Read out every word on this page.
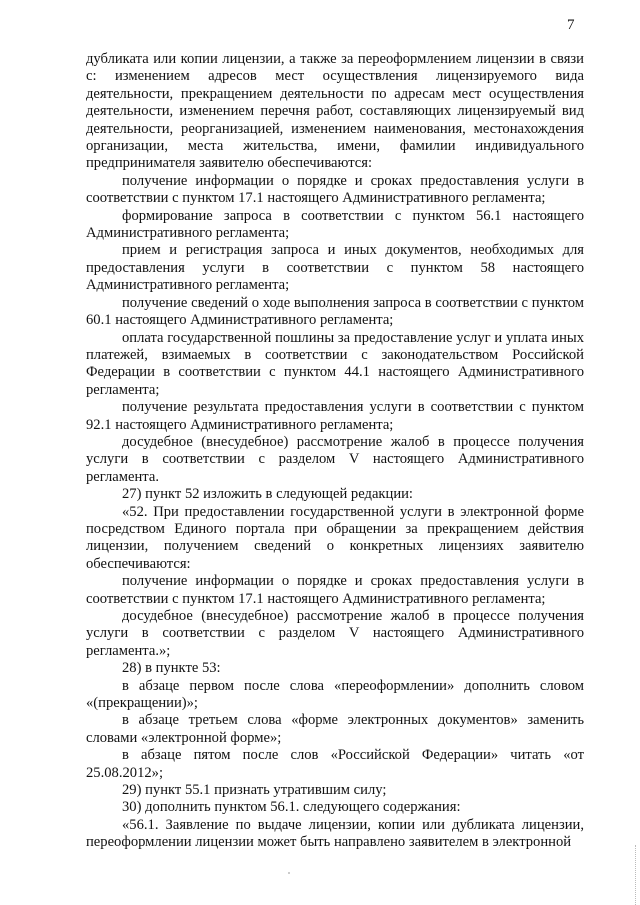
7

дубликата или копии лицензии, а также за переоформлением лицензии в связи с: изменением адресов мест осуществления лицензируемого вида деятельности, прекращением деятельности по адресам мест осуществления деятельности, изменением перечня работ, составляющих лицензируемый вид деятельности, реорганизацией, изменением наименования, местонахождения организации, места жительства, имени, фамилии индивидуального предпринимателя заявителю обеспечиваются:

получение информации о порядке и сроках предоставления услуги в соответствии с пунктом 17.1 настоящего Административного регламента;

формирование запроса в соответствии с пунктом 56.1 настоящего Административного регламента;

прием и регистрация запроса и иных документов, необходимых для предоставления услуги в соответствии с пунктом 58 настоящего Административного регламента;

получение сведений о ходе выполнения запроса в соответствии с пунктом 60.1 настоящего Административного регламента;

оплата государственной пошлины за предоставление услуг и уплата иных платежей, взимаемых в соответствии с законодательством Российской Федерации в соответствии с пунктом 44.1 настоящего Административного регламента;

получение результата предоставления услуги в соответствии с пунктом 92.1 настоящего Административного регламента;

досудебное (внесудебное) рассмотрение жалоб в процессе получения услуги в соответствии с разделом V настоящего Административного регламента.

27) пункт 52 изложить в следующей редакции:

«52. При предоставлении государственной услуги в электронной форме посредством Единого портала при обращении за прекращением действия лицензии, получением сведений о конкретных лицензиях заявителю обеспечиваются:

получение информации о порядке и сроках предоставления услуги в соответствии с пунктом 17.1 настоящего Административного регламента;

досудебное (внесудебное) рассмотрение жалоб в процессе получения услуги в соответствии с разделом V настоящего Административного регламента.»;

28) в пункте 53:

в абзаце первом после слова «переоформлении» дополнить словом «(прекращении)»;

в абзаце третьем слова «форме электронных документов» заменить словами «электронной форме»;

в абзаце пятом после слов «Российской Федерации» читать «от 25.08.2012»;

29) пункт 55.1 признать утратившим силу;

30) дополнить пунктом 56.1. следующего содержания:

«56.1. Заявление по выдаче лицензии, копии или дубликата лицензии, переоформлении лицензии может быть направлено заявителем в электронной
